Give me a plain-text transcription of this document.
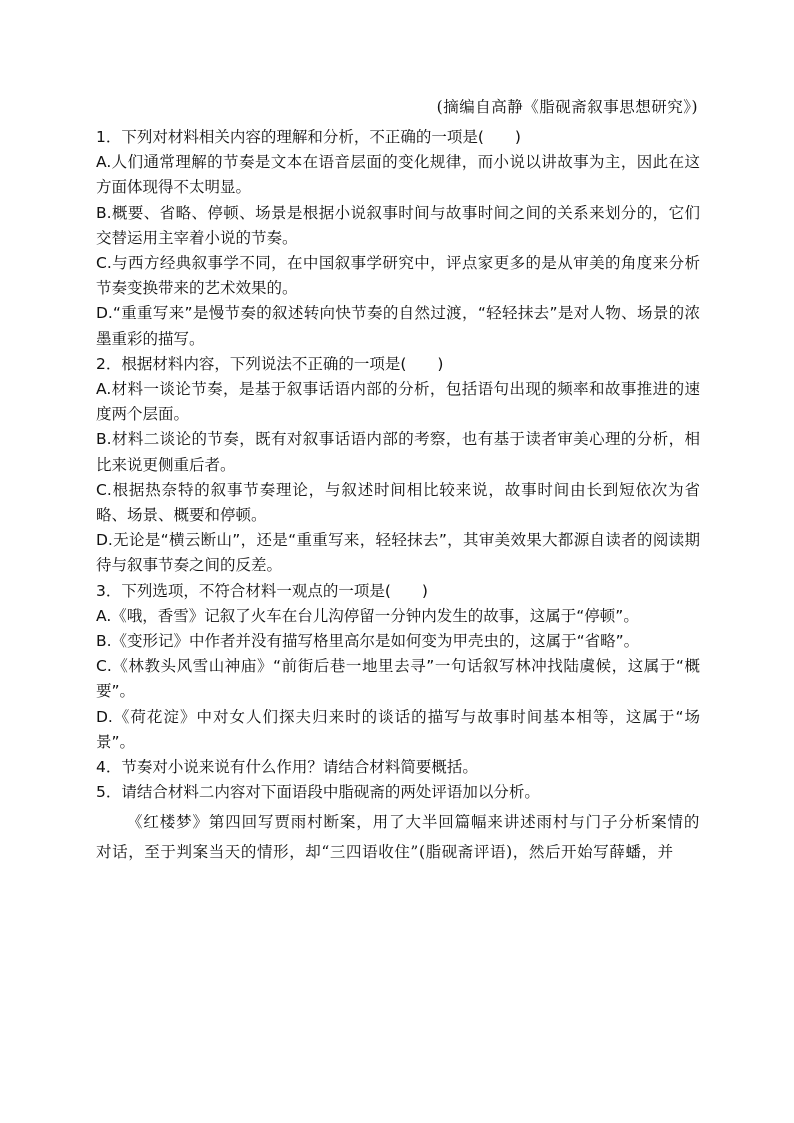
(摘编自高静《脂砚斋叙事思想研究》)
1．下列对材料相关内容的理解和分析，不正确的一项是(　　)
A.人们通常理解的节奏是文本在语音层面的变化规律，而小说以讲故事为主，因此在这方面体现得不太明显。
B.概要、省略、停顿、场景是根据小说叙事时间与故事时间之间的关系来划分的，它们交替运用主宰着小说的节奏。
C.与西方经典叙事学不同，在中国叙事学研究中，评点家更多的是从审美的角度来分析节奏变换带来的艺术效果的。
D.“重重写来”是慢节奏的叙述转向快节奏的自然过渡，“轻轻抹去”是对人物、场景的浓墨重彩的描写。
2．根据材料内容，下列说法不正确的一项是(　　)
A.材料一谈论节奏，是基于叙事话语内部的分析，包括语句出现的频率和故事推进的速度两个层面。
B.材料二谈论的节奏，既有对叙事话语内部的考察，也有基于读者审美心理的分析，相比来说更侧重后者。
C.根据热奈特的叙事节奏理论，与叙述时间相比较来说，故事时间由长到短依次为省略、场景、概要和停顿。
D.无论是“横云断山”，还是“重重写来，轻轻抹去”，其审美效果大都源自读者的阅读期待与叙事节奏之间的反差。
3．下列选项，不符合材料一观点的一项是(　　)
A.《哦，香雪》记叙了火车在台儿沟停留一分钟内发生的故事，这属于“停顿”。
B.《变形记》中作者并没有描写格里高尔是如何变为甲壳虫的，这属于“省略”。
C.《林教头风雪山神庙》“前街后巷一地里去寻”一句话叙写林冲找陆虞候，这属于“概要”。
D.《荷花淀》中对女人们探夫归来时的谈话的描写与故事时间基本相等，这属于“场景”。
4．节奏对小说来说有什么作用？请结合材料简要概括。
5．请结合材料二内容对下面语段中脂砚斋的两处评语加以分析。
《红楼梦》第四回写贾雨村断案，用了大半回篇幅来讲述雨村与门子分析案情的对话，至于判案当天的情形，却“三四语收住”(脂砚斋评语)，然后开始写薛蟠，并
